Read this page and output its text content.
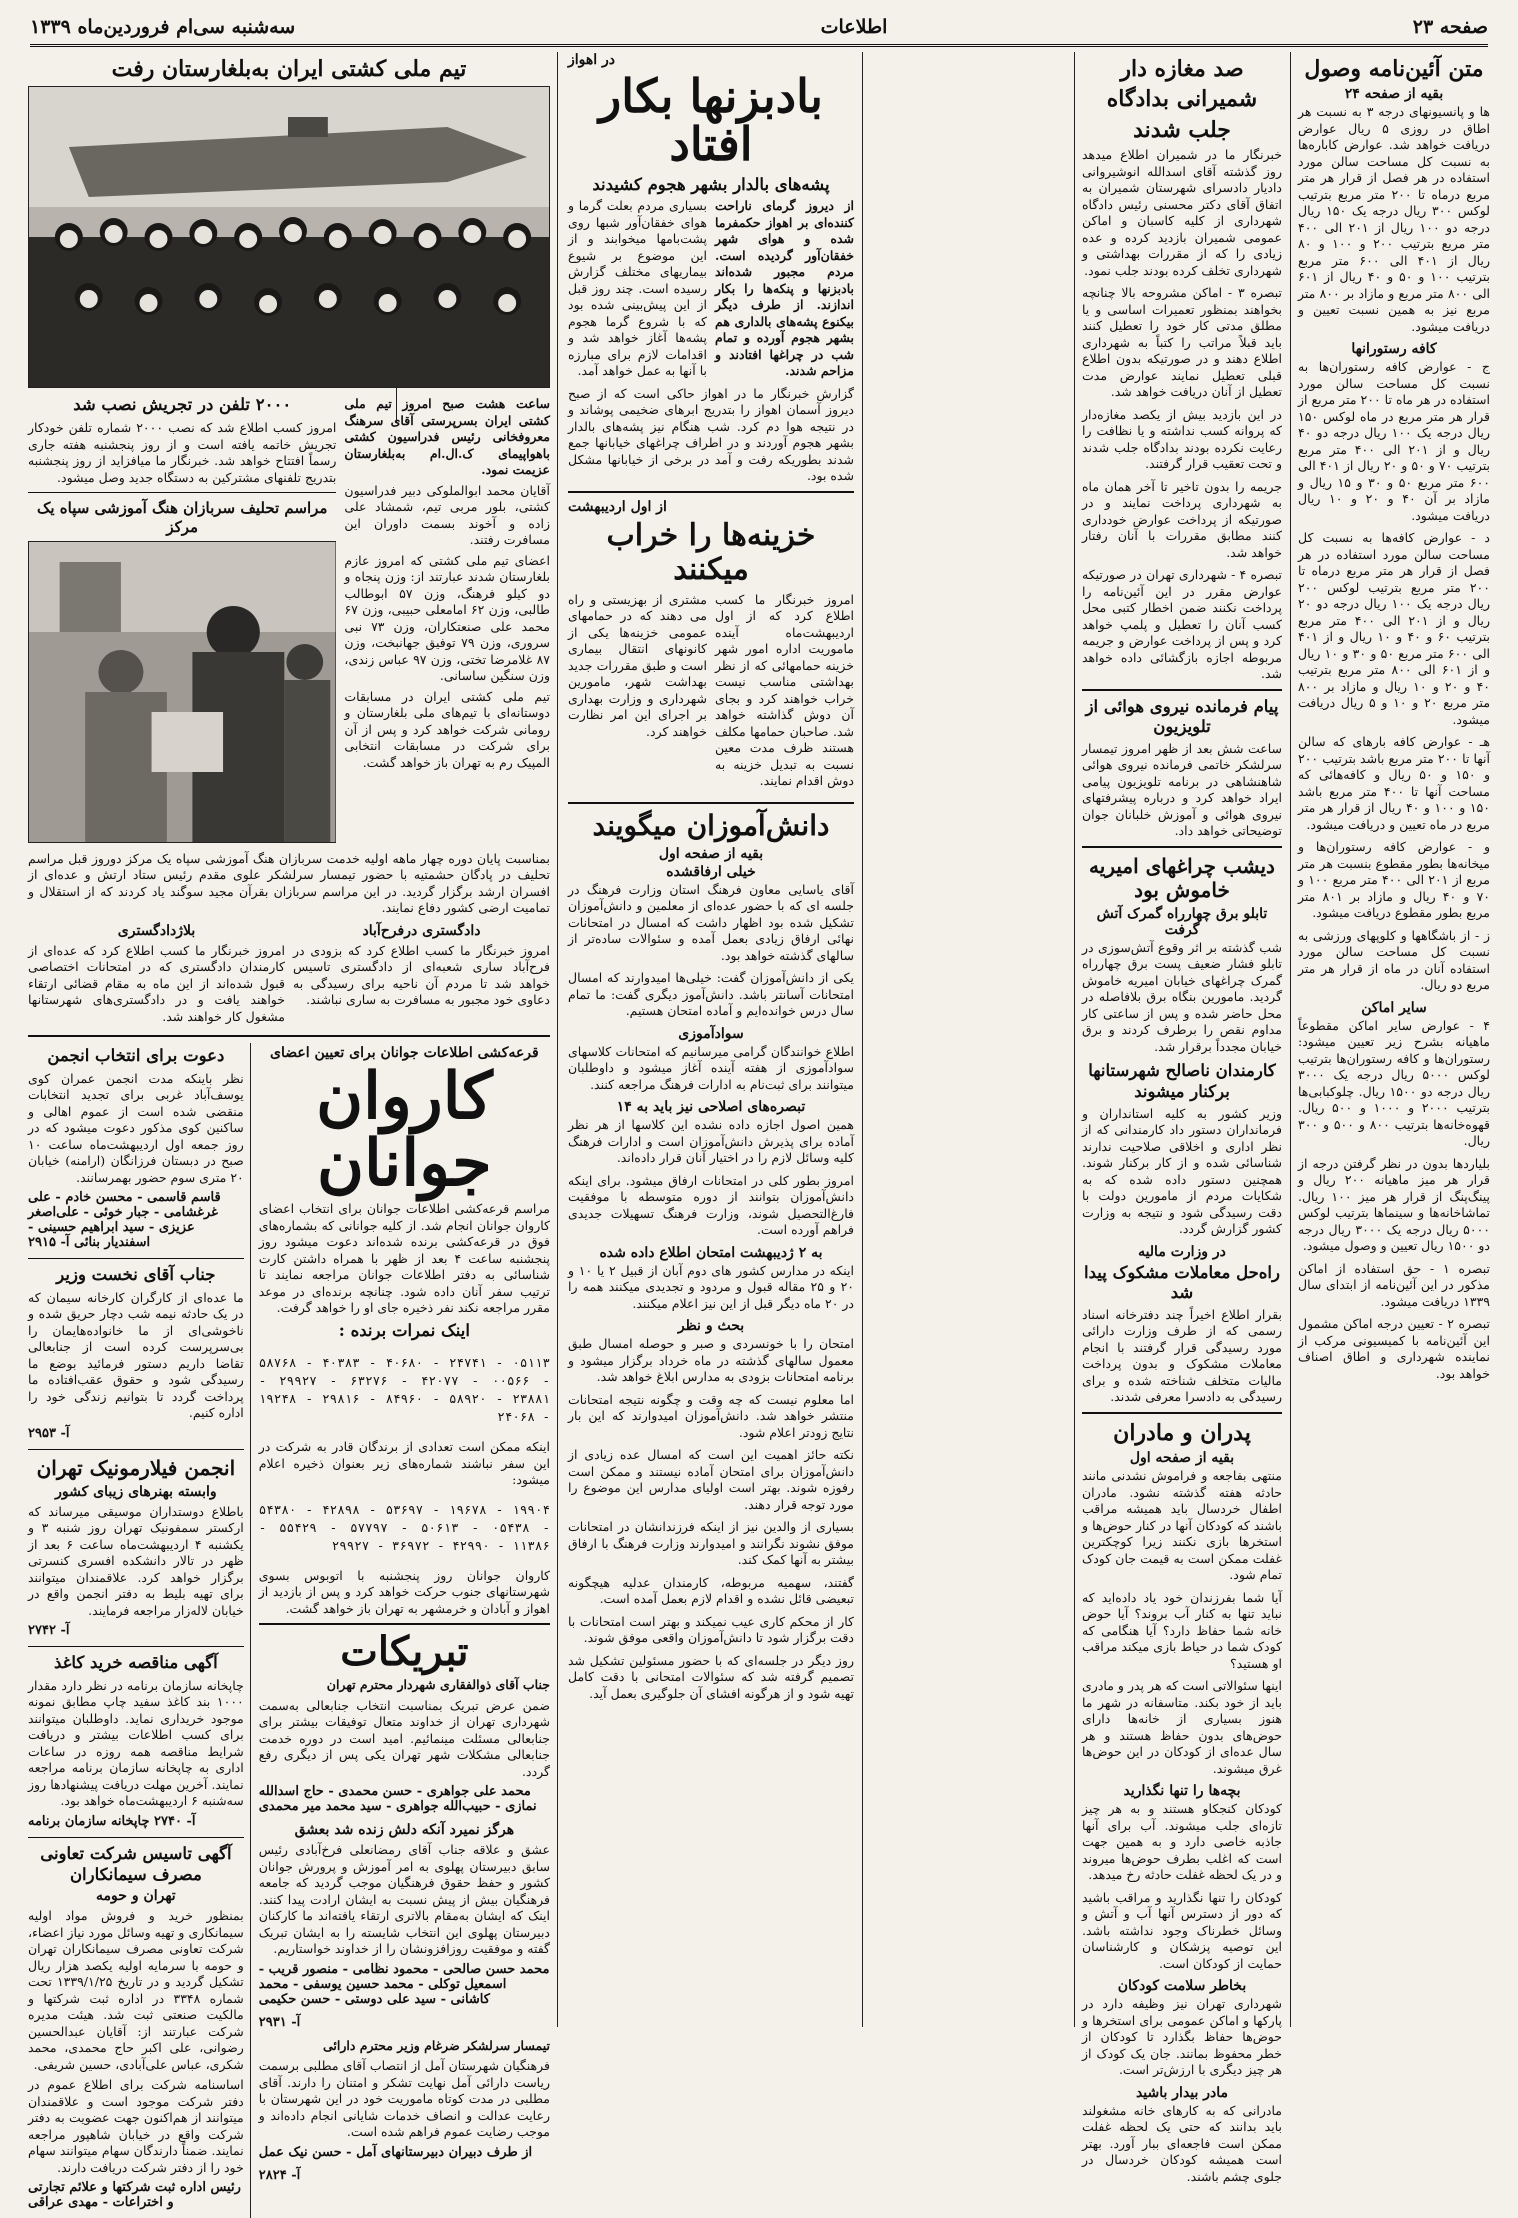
صفحه ۲۳
اطلاعات
سه‌شنبه سی‌ام فروردین‌ماه ۱۳۳۹
متن آئین‌نامه وصول
بقیه از صفحه ۲۴

ها و پانسیونهای درجه ۳ به نسبت هر اطاق در روزی ۵ ریال عوارض دریافت خواهد شد. عوارض کاباره‌ها به نسبت کل مساحت سالن مورد استفاده در هر فصل از قرار هر متر مربع درماه تا ۲۰۰ متر مربع بترتیب لوکس ۳۰۰ ریال درجه یک ۱۵۰ ریال درجه دو ۱۰۰ ریال از ۲۰۱ الی ۴۰۰ متر مربع بترتیب ۲۰۰ و ۱۰۰ و ۸۰ ریال از ۴۰۱ الی ۶۰۰ متر مربع بترتیب ۱۰۰ و ۵۰ و ۴۰ ریال از ۶۰۱ الی ۸۰۰ متر مربع و مازاد بر ۸۰۰ متر مربع نیز به همین نسبت تعیین و دریافت میشود.

کافه رستورانها

ج - عوارض کافه رستوران‌ها به نسبت کل مساحت سالن مورد استفاده در هر ماه تا ۲۰۰ متر مربع از قرار هر متر مربع در ماه لوکس ۱۵۰ ریال درجه یک ۱۰۰ ریال درجه دو ۴۰ ریال و از ۲۰۱ الی ۴۰۰ متر مربع بترتیب ۷۰ و ۵۰ و ۲۰ ریال از ۴۰۱ الی ۶۰۰ متر مربع ۵۰ و ۳۰ و ۱۵ ریال و مازاد بر آن ۴۰ و ۲۰ و ۱۰ ریال دریافت میشود.

د - عوارض کافه‌ها به نسبت کل مساحت سالن مورد استفاده در هر فصل از قرار هر متر مربع درماه تا ۲۰۰ متر مربع بترتیب لوکس ۲۰۰ ریال درجه یک ۱۰۰ ریال درجه دو ۲۰ ریال و از ۲۰۱ الی ۴۰۰ متر مربع بترتیب ۶۰ و ۴۰ و ۱۰ ریال و از ۴۰۱ الی ۶۰۰ متر مربع ۵۰ و ۳۰ و ۱۰ ریال و از ۶۰۱ الی ۸۰۰ متر مربع بترتیب ۴۰ و ۲۰ و ۱۰ ریال و مازاد بر ۸۰۰ متر مربع ۲۰ و ۱۰ و ۵ ریال دریافت میشود.

هـ - عوارض کافه بارهای که سالن آنها تا ۲۰۰ متر مربع باشد بترتیب ۲۰۰ و ۱۵۰ و ۵۰ ریال و کافه‌هائی که مساحت آنها تا ۴۰۰ متر مربع باشد ۱۵۰ و ۱۰۰ و ۴۰ ریال از قرار هر متر مربع در ماه تعیین و دریافت میشود.

و - عوارض کافه رستوران‌ها و میخانه‌ها بطور مقطوع بنسبت هر متر مربع از ۲۰۱ الی ۴۰۰ متر مربع ۱۰۰ و ۷۰ و ۴۰ ریال و مازاد بر ۸۰۱ متر مربع بطور مقطوع دریافت میشود.

ز - از باشگاهها و کلوپهای ورزشی به نسبت کل مساحت سالن مورد استفاده آنان در ماه از قرار هر متر مربع دو ریال.

سایر اماکن

۴ - عوارض سایر اماکن مقطوعاً ماهیانه بشرح زیر تعیین میشود: رستوران‌ها و کافه رستوران‌ها بترتیب لوکس ۵۰۰۰ ریال درجه یک ۳۰۰۰ ریال درجه دو ۱۵۰۰ ریال. چلوکبابی‌ها بترتیب ۲۰۰۰ و ۱۰۰۰ و ۵۰۰ ریال. قهوه‌خانه‌ها بترتیب ۸۰۰ و ۵۰۰ و ۳۰۰ ریال.

بلیارد‌ها بدون در نظر گرفتن درجه از قرار هر میز ماهیانه ۲۰۰ ریال و پینگ‌پنگ از قرار هر میز ۱۰۰ ریال. تماشاخانه‌ها و سینماها بترتیب لوکس ۵۰۰۰ ریال درجه یک ۳۰۰۰ ریال درجه دو ۱۵۰۰ ریال تعیین و وصول میشود.

تبصره ۱ - حق استفاده از اماکن مذکور در این آئین‌نامه از ابتدای سال ۱۳۳۹ دریافت میشود.

تبصره ۲ - تعیین درجه اماکن مشمول این آئین‌نامه با کمیسیونی مرکب از نماینده شهرداری و اطاق اصناف خواهد بود.

صد مغازه دار
شمیرانی بدادگاه
جلب شدند

خبرنگار ما در شمیران اطلاع میدهد روز گذشته آقای اسدالله انوشیروانی دادیار دادسرای شهرستان شمیران به اتفاق آقای دکتر محسنی رئیس دادگاه شهرداری از کلیه کاسبان و اماکن عمومی شمیران بازدید کرده و عده زیادی را که از مقررات بهداشتی و شهرداری تخلف کرده بودند جلب نمود.

تبصره ۳ - اماکن مشروحه بالا چنانچه بخواهند بمنظور تعمیرات اساسی و یا مطلق مدتی کار خود را تعطیل کنند باید قبلاً مراتب را کتباً به شهرداری اطلاع دهند و در صورتیکه بدون اطلاع قبلی تعطیل نمایند عوارض مدت تعطیل از آنان دریافت خواهد شد.

در این بازدید بیش از یکصد مغازه‌دار که پروانه کسب نداشته و یا نظافت را رعایت نکرده بودند بدادگاه جلب شدند و تحت تعقیب قرار گرفتند.

جریمه را بدون تاخیر تا آخر همان ماه به شهرداری پرداخت نمایند و در صورتیکه از پرداخت عوارض خودداری کنند مطابق مقررات با آنان رفتار خواهد شد.

تبصره ۴ - شهرداری تهران در صورتیکه عوارض مقرر در این آئین‌نامه را پرداخت نکنند ضمن اخطار کتبی محل کسب آنان را تعطیل و پلمپ خواهد کرد و پس از پرداخت عوارض و جریمه مربوطه اجازه بازگشائی داده خواهد شد.

پیام فرمانده نیروی هوائی از تلویزیون

ساعت شش بعد از ظهر امروز تیمسار سرلشکر خاتمی فرمانده نیروی هوائی شاهنشاهی در برنامه تلویزیون پیامی ایراد خواهد کرد و درباره پیشرفتهای نیروی هوائی و آموزش خلبانان جوان توضیحاتی خواهد داد.

دیشب چراغهای امیریه خاموش بود
تابلو برق چهارراه گمرک آتش گرفت

شب گذشته بر اثر وقوع آتش‌سوزی در تابلو فشار ضعیف پست برق چهارراه گمرک چراغهای خیابان امیریه خاموش گردید. مامورین بنگاه برق بلافاصله در محل حاضر شده و پس از ساعتی کار مداوم نقص را برطرف کردند و برق خیابان مجدداً برقرار شد.

کارمندان ناصالح شهرستانها برکنار میشوند

وزیر کشور به کلیه استانداران و فرمانداران دستور داد کارمندانی که از نظر اداری و اخلاقی صلاحیت ندارند شناسائی شده و از کار برکنار شوند. همچنین دستور داده شده که به شکایات مردم از مامورین دولت با دقت رسیدگی شود و نتیجه به وزارت کشور گزارش گردد.

در وزارت مالیه
راه‌حل معاملات مشکوک پیدا شد

بقرار اطلاع اخیراً چند دفترخانه اسناد رسمی که از طرف وزارت دارائی مورد رسیدگی قرار گرفتند با انجام معاملات مشکوک و بدون پرداخت مالیات متخلف شناخته شده و برای رسیدگی به دادسرا معرفی شدند.

پدران و مادران
بقیه از صفحه اول

منتهی بفاجعه و فراموش نشدنی مانند حادثه هفته گذشته نشود. مادران اطفال خردسال باید همیشه مراقب باشند که کودکان آنها در کنار حوض‌ها و استخرها بازی نکنند زیرا کوچکترین غفلت ممکن است به قیمت جان کودک تمام شود.

آیا شما بفرزندان خود یاد داده‌اید که نباید تنها به کنار آب بروند؟ آیا حوض خانه شما حفاظ دارد؟ آیا هنگامی که کودک شما در حیاط بازی میکند مراقب او هستید؟

اینها سئوالاتی است که هر پدر و مادری باید از خود بکند. متاسفانه در شهر ما هنوز بسیاری از خانه‌ها دارای حوض‌های بدون حفاظ هستند و هر سال عده‌ای از کودکان در این حوض‌ها غرق میشوند.

بچه‌ها را تنها نگذارید

کودکان کنجکاو هستند و به هر چیز تازه‌ای جلب میشوند. آب برای آنها جاذبه خاصی دارد و به همین جهت است که اغلب بطرف حوض‌ها میروند و در یک لحظه غفلت حادثه رخ میدهد.

کودکان را تنها نگذارید و مراقب باشید که دور از دسترس آنها آب و آتش و وسائل خطرناک وجود نداشته باشد. این توصیه پزشکان و کارشناسان حمایت از کودکان است.

بخاطر سلامت کودکان

شهرداری تهران نیز وظیفه دارد در پارکها و اماکن عمومی برای استخرها و حوض‌ها حفاظ بگذارد تا کودکان از خطر محفوظ بمانند. جان یک کودک از هر چیز دیگری با ارزش‌تر است.

مادر بیدار باشید

مادرانی که به کارهای خانه مشغولند باید بدانند که حتی یک لحظه غفلت ممکن است فاجعه‌ای ببار آورد. بهتر است همیشه کودکان خردسال در جلوی چشم باشند.

در اهواز

بادبزنها بکار افتاد
پشه‌های بالدار بشهر هجوم کشیدند

از دیروز گرمای ناراحت کننده‌ای بر اهواز حکمفرما شده و هوای شهر خفقان‌آور گردیده است. مردم مجبور شده‌اند بادبزنها و پنکه‌ها را بکار اندازند. از طرف دیگر بیکنوع پشه‌های بالداری هم بشهر هجوم آورده و تمام شب در چراغها افتادند و مزاحم شدند.

بسیاری مردم بعلت گرما و هوای خفقان‌آور شبها روی پشت‌بامها میخوابند و از این موضوع بر شیوع بیماریهای مختلف گزارش رسیده است. چند روز قبل از این پیش‌بینی شده بود که با شروع گرما هجوم پشه‌ها آغاز خواهد شد و اقدامات لازم برای مبارزه با آنها به عمل خواهد آمد.

گزارش خبرنگار ما در اهواز حاکی است که از صبح دیروز آسمان اهواز را بتدریج ابرهای ضخیمی پوشاند و در نتیجه هوا دم کرد. شب هنگام نیز پشه‌های بالدار بشهر هجوم آوردند و در اطراف چراغهای خیابانها جمع شدند بطوریکه رفت و آمد در برخی از خیابانها مشکل شده بود.

از اول اردیبهشت

خزینه‌ها را خراب میکنند

امروز خبرنگار ما کسب اطلاع کرد که از اول اردیبهشت‌ماه آینده ماموریت اداره امور شهر خزینه حمامهائی که از نظر بهداشتی مناسب نیست خراب خواهند کرد و بجای آن دوش گذاشته خواهد شد. صاحبان حمامها مکلف هستند ظرف مدت معین نسبت به تبدیل خزینه به دوش اقدام نمایند.

مشتری از بهزیستی و راه می دهند که در حمامهای عمومی خزینه‌ها یکی از کانونهای انتقال بیماری است و طبق مقررات جدید بهداشت شهر، مامورین شهرداری و وزارت بهداری بر اجرای این امر نظارت خواهند کرد.

دانش‌آموزان میگویند
بقیه از صفحه اول
خیلی ارفاقشده

آقای یاسایی معاون فرهنگ استان وزارت فرهنگ در جلسه ای که با حضور عده‌ای از معلمین و دانش‌آموزان تشکیل شده بود اظهار داشت که امسال در امتحانات نهائی ارفاق زیادی بعمل آمده و سئوالات ساده‌تر از سالهای گذشته خواهد بود.

یکی از دانش‌آموزان گفت: خیلی‌ها امیدوارند که امسال امتحانات آسانتر باشد. دانش‌آموز دیگری گفت: ما تمام سال درس خوانده‌ایم و آماده امتحان هستیم.

سوادآموزی

اطلاع خوانندگان گرامی میرسانیم که امتحانات کلاسهای سوادآموزی از هفته آینده آغاز میشود و داوطلبان میتوانند برای ثبت‌نام به ادارات فرهنگ مراجعه کنند.

تبصره‌های اصلاحی نیز باید به ۱۴

همین اصول اجازه داده نشده این کلاسها از هر نظر آماده برای پذیرش دانش‌آموزان است و ادارات فرهنگ کلیه وسائل لازم را در اختیار آنان قرار داده‌اند.

امروز بطور کلی در امتحانات ارفاق میشود. برای اینکه دانش‌آموزان بتوانند از دوره متوسطه با موفقیت فارغ‌التحصیل شوند، وزارت فرهنگ تسهیلات جدیدی فراهم آورده است.

به ۲ ژدیبهشت امتحان اطلاع داده شده

اینکه در مدارس کشور های دوم آبان از قبیل ۲ یا ۱۰ و ۲۰ و ۲۵ مقاله قبول و مردود و تجدیدی میکنند همه را در ۲۰ ماه دیگر قبل از این نیز اعلام میکنند.

بحث و نظر

امتحان را با خونسردی و صبر و حوصله امسال طبق معمول سالهای گذشته در ماه خرداد برگزار میشود و برنامه امتحانات بزودی به مدارس ابلاغ خواهد شد.

اما معلوم نیست که چه وقت و چگونه نتیجه امتحانات منتشر خواهد شد. دانش‌آموزان امیدوارند که این بار نتایج زودتر اعلام شود.

نکته حائز اهمیت این است که امسال عده زیادی از دانش‌آموزان برای امتحان آماده نیستند و ممکن است رفوزه شوند. بهتر است اولیای مدارس این موضوع را مورد توجه قرار دهند.

بسیاری از والدین نیز از اینکه فرزندانشان در امتحانات موفق نشوند نگرانند و امیدوارند وزارت فرهنگ با ارفاق بیشتر به آنها کمک کند.

گفتند، سهمیه مربوطه، کارمندان عدلیه هیچگونه تبعیضی قائل نشده و اقدام لازم بعمل آمده است.

کار از محکم کاری عیب نمیکند و بهتر است امتحانات با دقت برگزار شود تا دانش‌آموزان واقعی موفق شوند.

روز دیگر در جلسه‌ای که با حضور مسئولین تشکیل شد تصمیم گرفته شد که سئوالات امتحانی با دقت کامل تهیه شود و از هرگونه افشای آن جلوگیری بعمل آید.

تیم ملی کشتی ایران به‌بلغارستان رفت

ساعت هشت صبح امروز تیم ملی کشتی ایران بسرپرستی آقای سرهنگ معروفخانی رئیس فدراسیون کشتی باهواپیمای ک.ال.ام به‌بلغارستان عزیمت نمود.

آقایان محمد ابوالملوکی دبیر فدراسیون کشتی، بلور مربی تیم، شمشاد علی زاده و آخوند بسمت داوران این مسافرت رفتند.

اعضای تیم ملی کشتی که امروز عازم بلغارستان شدند عبارتند از: وزن پنجاه و دو کیلو فرهنگ، وزن ۵۷ ابوطالب طالبی، وزن ۶۲ امامعلی حبیبی، وزن ۶۷ محمد علی صنعتکاران، وزن ۷۳ نبی سروری، وزن ۷۹ توفیق جهانبخت، وزن ۸۷ غلامرضا تختی، وزن ۹۷ عباس زندی، وزن سنگین ساسانی.

تیم ملی کشتی ایران در مسابقات دوستانه‌ای با تیم‌های ملی بلغارستان و رومانی شرکت خواهد کرد و پس از آن برای شرکت در مسابقات انتخابی المپیک رم به تهران باز خواهد گشت.

۲۰۰۰ تلفن در تجریش نصب شد

امروز کسب اطلاع شد که نصب ۲۰۰۰ شماره تلفن خودکار تجریش خاتمه یافته است و از روز پنجشنبه هفته جاری رسماً افتتاح خواهد شد. خبرنگار ما میافزاید از روز پنجشنبه بتدریج تلفنهای مشترکین به دستگاه جدید وصل میشود.

مراسم تحلیف سربازان هنگ آموزشی سپاه یک مرکز

بمناسبت پایان دوره چهار ماهه اولیه خدمت سربازان هنگ آموزشی سپاه یک مرکز دوروز قبل مراسم تحلیف در پادگان حشمتیه با حضور تیمسار سرلشکر علوی مقدم رئیس ستاد ارتش و عده‌ای از افسران ارشد برگزار گردید. در این مراسم سربازان بقرآن مجید سوگند یاد کردند که از استقلال و تمامیت ارضی کشور دفاع نمایند.

دادگستری درفرح‌آباد

امروز خبرنگار ما کسب اطلاع کرد که بزودی در فرح‌آباد ساری شعبه‌ای از دادگستری تاسیس خواهد شد تا مردم آن ناحیه برای رسیدگی به دعاوی خود مجبور به مسافرت به ساری نباشند.

بلاژدادگستری

امروز خبرنگار ما کسب اطلاع کرد که عده‌ای از کارمندان دادگستری که در امتحانات اختصاصی قبول شده‌اند از این ماه به مقام قضائی ارتقاء خواهند یافت و در دادگستری‌های شهرستانها مشغول کار خواهند شد.

قرعه‌کشی اطلاعات جوانان برای تعیین اعضای
کاروان جوانان

مراسم قرعه‌کشی اطلاعات جوانان برای انتخاب اعضای کاروان جوانان انجام شد. از کلیه جوانانی که بشماره‌های فوق در قرعه‌کشی برنده شده‌اند دعوت میشود روز پنجشنبه ساعت ۴ بعد از ظهر با همراه داشتن کارت شناسائی به دفتر اطلاعات جوانان مراجعه نمایند تا ترتیب سفر آنان داده شود. چنانچه برنده‌ای در موعد مقرر مراجعه نکند نفر ذخیره جای او را خواهد گرفت.

اینک نمرات برنده :

۰۵۱۱۳ - ۲۴۷۴۱ - ۴۰۶۸۰ - ۴۰۳۸۳ - ۵۸۷۶۸ - ۰۰۵۶۶ - ۴۲۰۷۷ - ۶۳۲۷۶ - ۲۹۹۲۷ - ۲۳۸۸۱ - ۵۸۹۲۰ - ۸۴۹۶۰ - ۲۹۸۱۶ - ۱۹۲۴۸ - ۲۴۰۶۸

اینکه ممکن است تعدادی از برندگان قادر به شرکت در این سفر نباشند شماره‌های زیر بعنوان ذخیره اعلام میشود:

۱۹۹۰۴ - ۱۹۶۷۸ - ۵۳۶۹۷ - ۴۲۸۹۸ - ۵۴۳۸۰ - ۰۵۴۳۸ - ۵۰۶۱۳ - ۵۷۷۹۷ - ۵۵۴۲۹ - ۱۱۳۸۶ - ۴۲۹۹۰ - ۳۶۹۷۲ - ۲۹۹۲۷

کاروان جوانان روز پنجشنبه با اتوبوس بسوی شهرستانهای جنوب حرکت خواهد کرد و پس از بازدید از اهواز و آبادان و خرمشهر به تهران باز خواهد گشت.

تبریکات

جناب آقای ذوالفقاری شهردار محترم تهران

ضمن عرض تبریک بمناسبت انتخاب جنابعالی به‌سمت شهرداری تهران از خداوند متعال توفیقات بیشتر برای جنابعالی مسئلت مینمائیم. امید است در دوره خدمت جنابعالی مشکلات شهر تهران یکی پس از دیگری رفع گردد.

محمد علی جواهری - حسن محمدی - حاج اسدالله نمازی - حبیب‌الله جواهری - سید محمد میر محمدی

هرگز نمیرد آنکه دلش زنده شد بعشق

عشق و علاقه جناب آقای رمضانعلی فرخ‌آبادی رئیس سابق دبیرستان پهلوی به امر آموزش و پرورش جوانان کشور و حفظ حقوق فرهنگیان موجب گردید که جامعه فرهنگیان بیش از پیش نسبت به ایشان ارادت پیدا کنند. اینک که ایشان به‌مقام بالاتری ارتقاء یافته‌اند ما کارکنان دبیرستان پهلوی این انتخاب شایسته را به ایشان تبریک گفته و موفقیت روزافزونشان را از خداوند خواستاریم.

محمد حسن صالحی - محمود نظامی - منصور قریب - اسمعیل توکلی - محمد حسین یوسفی - محمد کاشانی - سید علی دوستی - حسن حکیمی

آ- ۲۹۳۱

تیمسار سرلشکر ضرغام وزیر محترم دارائی

فرهنگیان شهرستان آمل از انتصاب آقای مطلبی برسمت ریاست دارائی آمل نهایت تشکر و امتنان را دارند. آقای مطلبی در مدت کوتاه ماموریت خود در این شهرستان با رعایت عدالت و انصاف خدمات شایانی انجام داده‌اند و موجب رضایت عموم فراهم شده است.

از طرف دبیران دبیرستانهای آمل - حسن نیک عمل

آ- ۲۸۲۴

دعوت برای انتخاب انجمن

نظر باینکه مدت انجمن عمران کوی یوسف‌آباد غربی برای تجدید انتخابات منقضی شده است از عموم اهالی و ساکنین کوی مذکور دعوت میشود که در روز جمعه اول اردیبهشت‌ماه ساعت ۱۰ صبح در دبستان فرزانگان (ارامنه) خیابان ۲۰ متری سوم حضور بهمرسانند.

قاسم قاسمی - محسن خادم - علی غرغشامی - جبار خوئی - علی‌اصغر عزیزی - سید ابراهیم حسینی - اسفندیار بنائی آ- ۲۹۱۵

جناب آقای نخست وزیر

ما عده‌ای از کارگران کارخانه سیمان که در یک حادثه نیمه شب دچار حریق شده و ناخوشی‌ای از ما خانواده‌هایمان را بی‌سرپرست کرده است از جنابعالی تقاضا داریم دستور فرمائید بوضع ما رسیدگی شود و حقوق عقب‌افتاده ما پرداخت گردد تا بتوانیم زندگی خود را اداره کنیم.

آ- ۲۹۵۳

انجمن فیلارمونیک تهران
وابسته بهنرهای زیبای کشور

باطلاع دوستداران موسیقی میرساند که ارکستر سمفونیک تهران روز شنبه ۳ و یکشنبه ۴ اردیبهشت‌ماه ساعت ۶ بعد از ظهر در تالار دانشکده افسری کنسرتی برگزار خواهد کرد. علاقمندان میتوانند برای تهیه بلیط به دفتر انجمن واقع در خیابان لاله‌زار مراجعه فرمایند.

آ- ۲۷۴۲

آگهی مناقصه خرید کاغذ

چاپخانه سازمان برنامه در نظر دارد مقدار ۱۰۰۰ بند کاغذ سفید چاپ مطابق نمونه موجود خریداری نماید. داوطلبان میتوانند برای کسب اطلاعات بیشتر و دریافت شرایط مناقصه همه روزه در ساعات اداری به چاپخانه سازمان برنامه مراجعه نمایند. آخرین مهلت دریافت پیشنهادها روز سه‌شنبه ۶ اردیبهشت‌ماه خواهد بود.

آ- ۲۷۴۰ چاپخانه سازمان برنامه

آگهی تاسیس شرکت تعاونی مصرف سیمانکاران
تهران و حومه

بمنظور خرید و فروش مواد اولیه سیمانکاری و تهیه وسائل مورد نیاز اعضاء، شرکت تعاونی مصرف سیمانکاران تهران و حومه با سرمایه اولیه یکصد هزار ریال تشکیل گردید و در تاریخ ۱۳۳۹/۱/۲۵ تحت شماره ۳۳۴۸ در اداره ثبت شرکتها و مالکیت صنعتی ثبت شد. هیئت مدیره شرکت عبارتند از: آقایان عبدالحسین رضوانی، علی اکبر حاج محمدی، محمد شکری، عباس علی‌آبادی، حسین شریفی.

اساسنامه شرکت برای اطلاع عموم در دفتر شرکت موجود است و علاقمندان میتوانند از هم‌اکنون جهت عضویت به دفتر شرکت واقع در خیابان شاهپور مراجعه نمایند. ضمناً دارندگان سهام میتوانند سهام خود را از دفتر شرکت دریافت دارند.

رئیس اداره ثبت شرکتها و علائم تجارتی و اختراعات - مهدی عراقی
